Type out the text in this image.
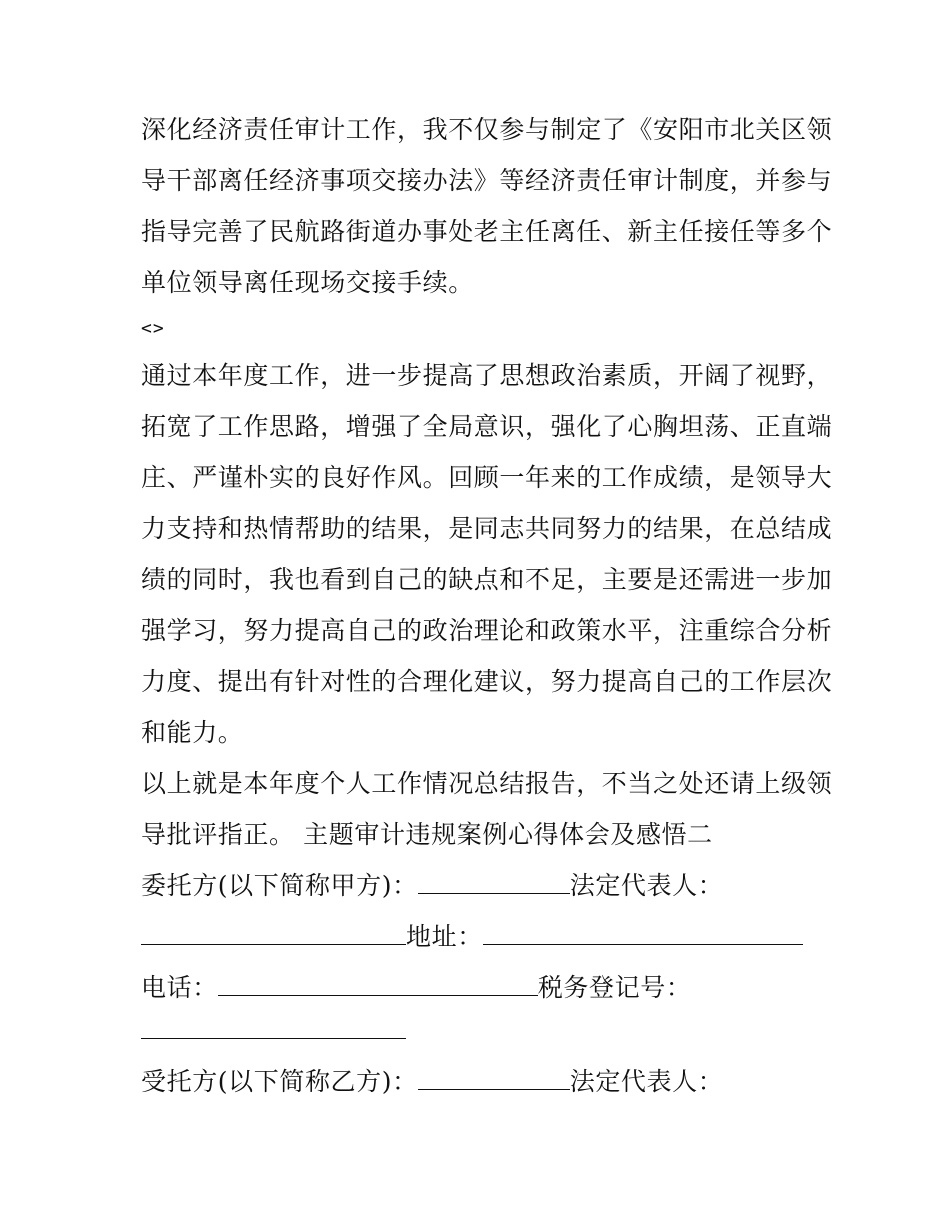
深化经济责任审计工作，我不仅参与制定了《安阳市北关区领
导干部离任经济事项交接办法》等经济责任审计制度，并参与
指导完善了民航路街道办事处老主任离任、新主任接任等多个
单位领导离任现场交接手续。
<>
通过本年度工作，进一步提高了思想政治素质，开阔了视野，
拓宽了工作思路，增强了全局意识，强化了心胸坦荡、正直端
庄、严谨朴实的良好作风。回顾一年来的工作成绩，是领导大
力支持和热情帮助的结果，是同志共同努力的结果，在总结成
绩的同时，我也看到自己的缺点和不足，主要是还需进一步加
强学习，努力提高自己的政治理论和政策水平，注重综合分析
力度、提出有针对性的合理化建议，努力提高自己的工作层次
和能力。
以上就是本年度个人工作情况总结报告，不当之处还请上级领
导批评指正。 主题审计违规案例心得体会及感悟二
委托方(以下简称甲方)：	法定代表人：
地址：
电话：	税务登记号：
受托方(以下简称乙方)：	法定代表人：
